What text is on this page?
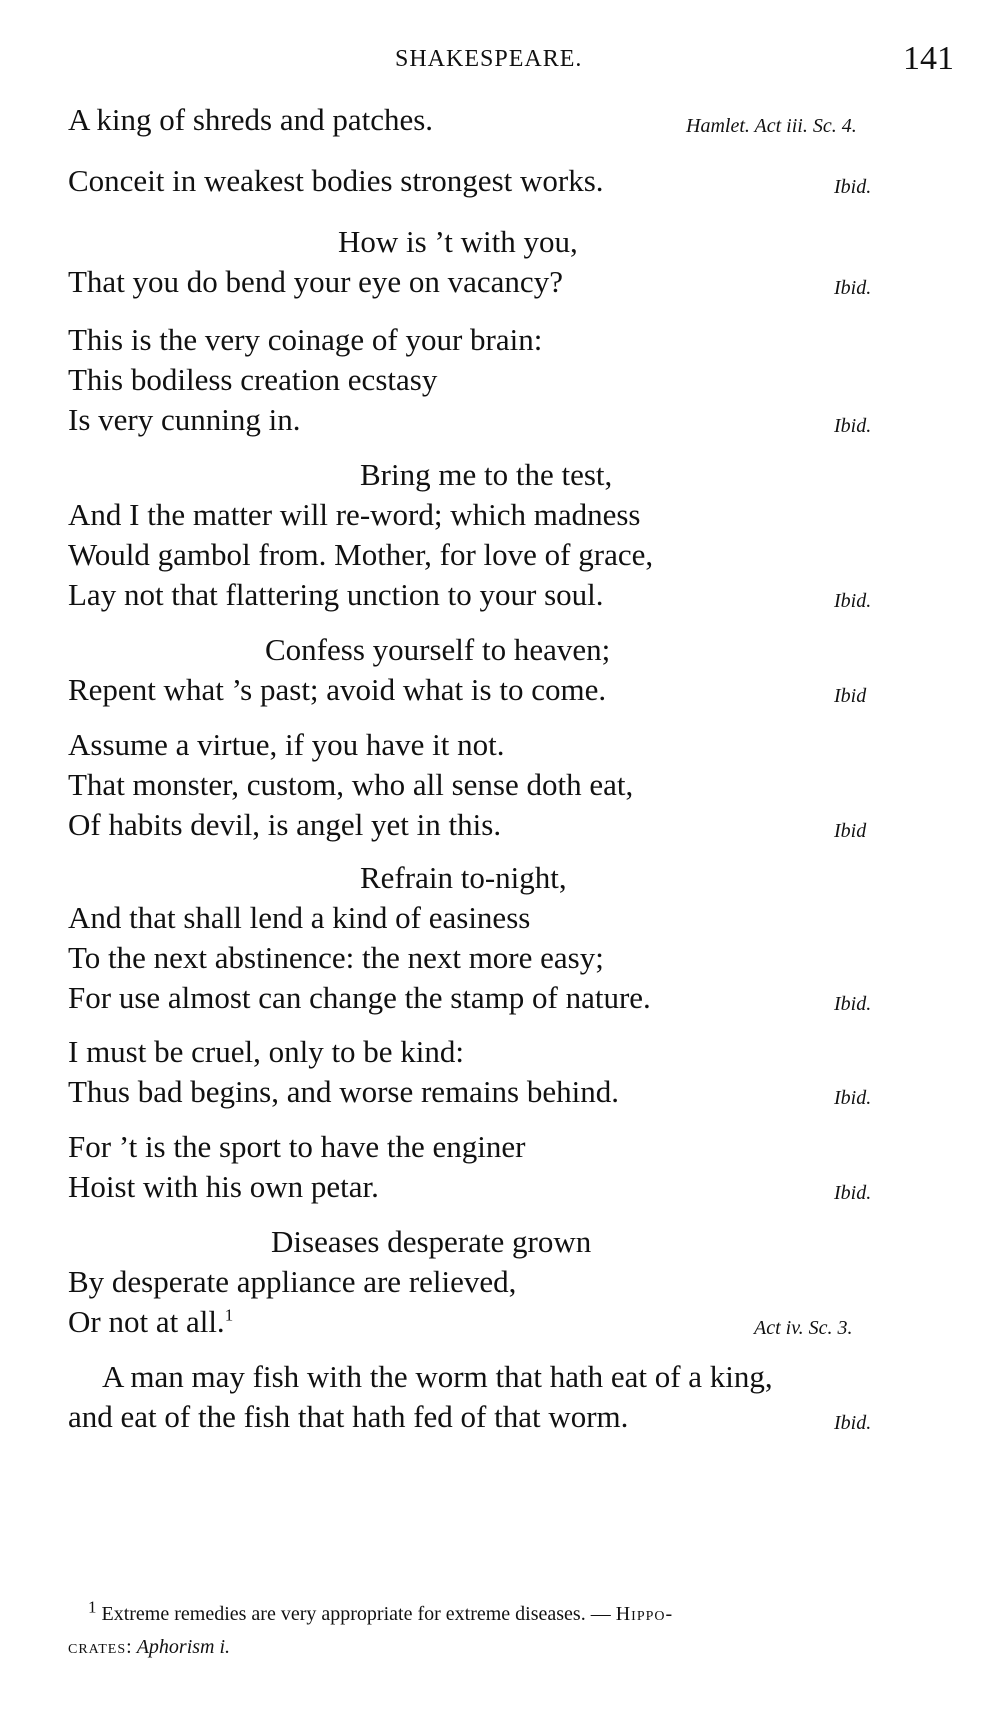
SHAKESPEARE.	141
A king of shreds and patches.	Hamlet. Act iii. Sc. 4.
Conceit in weakest bodies strongest works.	Ibid.
How is ’t with you,
That you do bend your eye on vacancy?	Ibid.
This is the very coinage of your brain:
This bodiless creation ecstasy
Is very cunning in.	Ibid.
Bring me to the test,
And I the matter will re-word; which madness
Would gambol from. Mother, for love of grace,
Lay not that flattering unction to your soul.	Ibid.
Confess yourself to heaven;
Repent what ’s past; avoid what is to come.	Ibid
Assume a virtue, if you have it not.
That monster, custom, who all sense doth eat,
Of habits devil, is angel yet in this.	Ibid
Refrain to-night,
And that shall lend a kind of easiness
To the next abstinence: the next more easy;
For use almost can change the stamp of nature.	Ibid.
I must be cruel, only to be kind:
Thus bad begins, and worse remains behind.	Ibid.
For ’t is the sport to have the enginer
Hoist with his own petar.	Ibid.
Diseases desperate grown
By desperate appliance are relieved,
Or not at all.$^1$
Act iv. Sc. 3.
A man may fish with the worm that hath eat of a king,
and eat of the fish that hath fed of that worm.	Ibid.
$^1$ Extreme remedies are very appropriate for extreme diseases. — Hippo-
crates: Aphorism i.
